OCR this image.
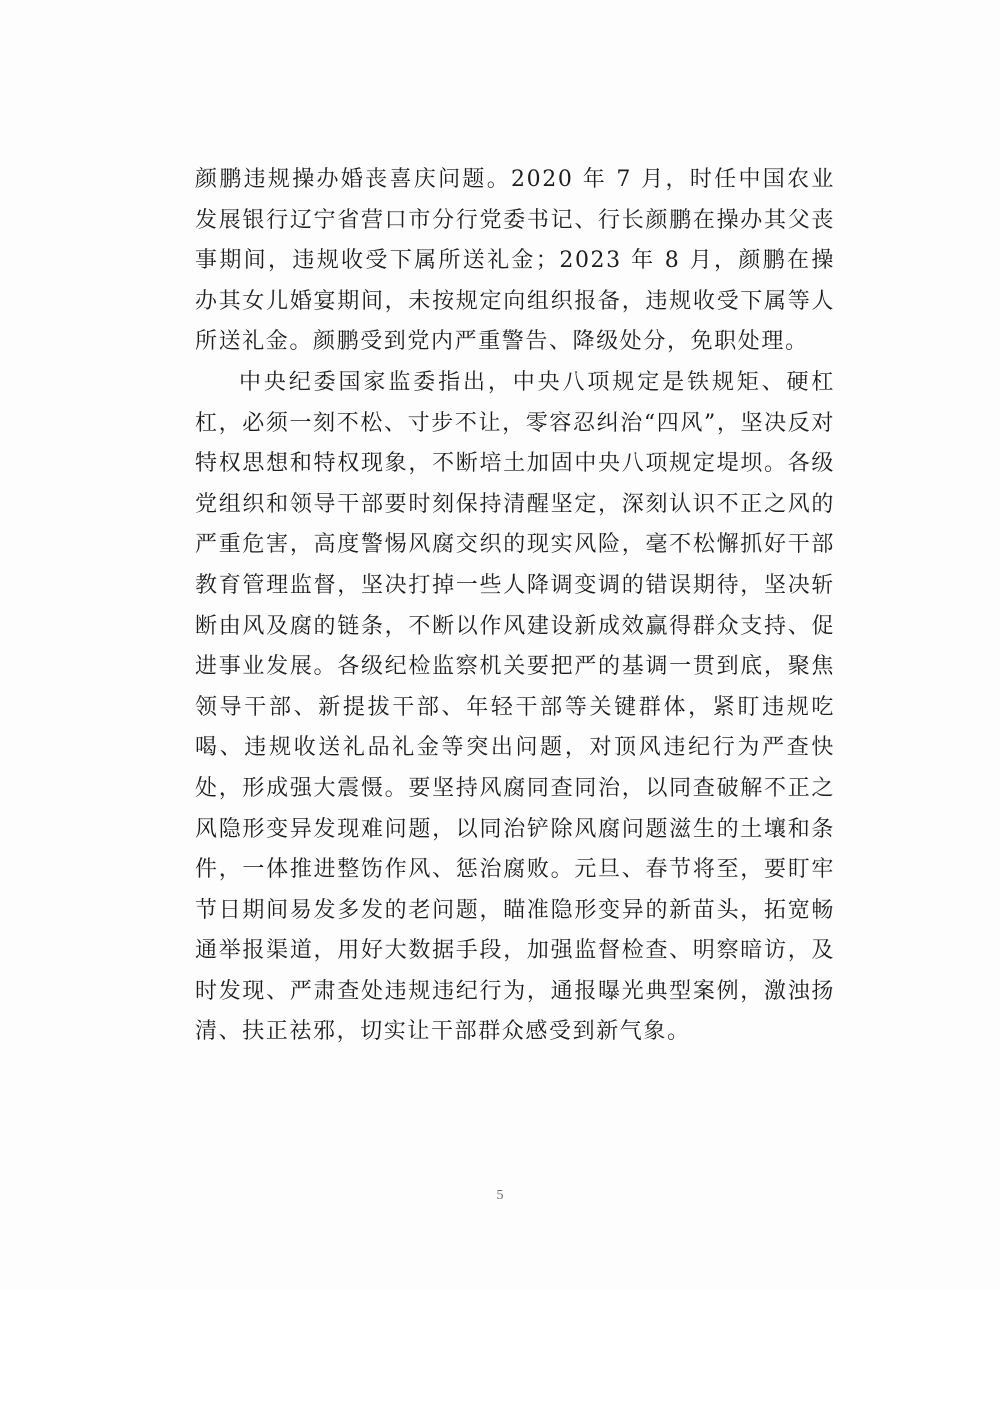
颜鹏违规操办婚丧喜庆问题。2020 年 7 月，时任中国农业发展银行辽宁省营口市分行党委书记、行长颜鹏在操办其父丧事期间，违规收受下属所送礼金；2023 年 8 月，颜鹏在操办其女儿婚宴期间，未按规定向组织报备，违规收受下属等人所送礼金。颜鹏受到党内严重警告、降级处分，免职处理。

中央纪委国家监委指出，中央八项规定是铁规矩、硬杠杠，必须一刻不松、寸步不让，零容忍纠治“四风”，坚决反对特权思想和特权现象，不断培土加固中央八项规定堤坝。各级党组织和领导干部要时刻保持清醒坚定，深刻认识不正之风的严重危害，高度警惕风腐交织的现实风险，毫不松懈抓好干部教育管理监督，坚决打掉一些人降调变调的错误期待，坚决斩断由风及腐的链条，不断以作风建设新成效赢得群众支持、促进事业发展。各级纪检监察机关要把严的基调一贯到底，聚焦领导干部、新提拔干部、年轻干部等关键群体，紧盯违规吃喝、违规收送礼品礼金等突出问题，对顶风违纪行为严查快处，形成强大震慑。要坚持风腐同查同治，以同查破解不正之风隐形变异发现难问题，以同治铲除风腐问题滋生的土壤和条件，一体推进整饬作风、惩治腐败。元旦、春节将至，要盯牢节日期间易发多发的老问题，瞄准隐形变异的新苗头，拓宽畅通举报渠道，用好大数据手段，加强监督检查、明察暗访，及时发现、严肃查处违规违纪行为，通报曝光典型案例，激浊扬清、扶正祛邪，切实让干部群众感受到新气象。

5
